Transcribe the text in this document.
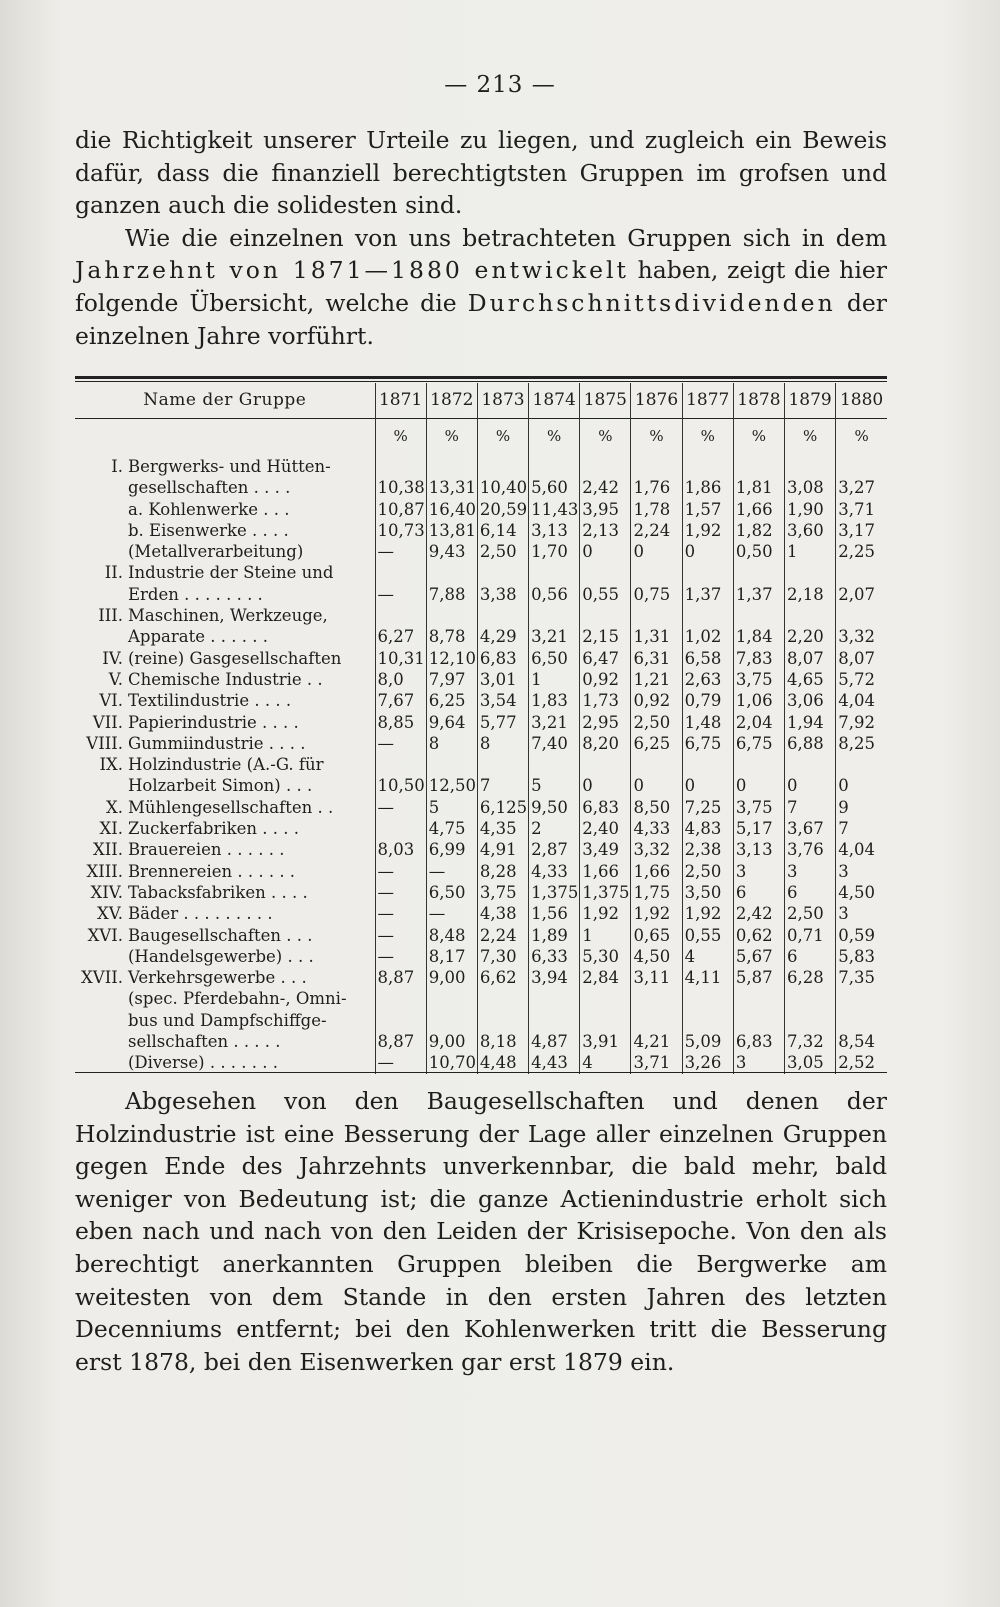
— 213 —

die Richtigkeit unserer Urteile zu liegen, und zugleich ein Beweis dafür, dass die finanziell berechtigtsten Gruppen im grofsen und ganzen auch die solidesten sind.

Wie die einzelnen von uns betrachteten Gruppen sich in dem Jahrzehnt von 1871—1880 entwickelt haben, zeigt die hier folgende Übersicht, welche die Durchschnittsdividenden der einzelnen Jahre vorführt.

Name der Gruppe	1871	1872	1873	1874	1875	1876	1877	1878	1879	1880
	%	%	%	%	%	%	%	%	%	%
I. Bergwerks- und Hütten-										
gesellschaften . . . .	10,38	13,31	10,40	5,60	2,42	1,76	1,86	1,81	3,08	3,27
a. Kohlenwerke . . .	10,87	16,40	20,59	11,43	3,95	1,78	1,57	1,66	1,90	3,71
b. Eisenwerke . . . .	10,73	13,81	6,14	3,13	2,13	2,24	1,92	1,82	3,60	3,17
(Metallverarbeitung)	—	9,43	2,50	1,70	0	0	0	0,50	1	2,25
II. Industrie der Steine und										
Erden . . . . . . . .	—	7,88	3,38	0,56	0,55	0,75	1,37	1,37	2,18	2,07
III. Maschinen, Werkzeuge,										
Apparate . . . . . .	6,27	8,78	4,29	3,21	2,15	1,31	1,02	1,84	2,20	3,32
IV. (reine) Gasgesellschaften	10,31	12,10	6,83	6,50	6,47	6,31	6,58	7,83	8,07	8,07
V. Chemische Industrie . .	8,0	7,97	3,01	1	0,92	1,21	2,63	3,75	4,65	5,72
VI. Textilindustrie . . . .	7,67	6,25	3,54	1,83	1,73	0,92	0,79	1,06	3,06	4,04
VII. Papierindustrie . . . .	8,85	9,64	5,77	3,21	2,95	2,50	1,48	2,04	1,94	7,92
VIII. Gummiindustrie . . . .	—	8	8	7,40	8,20	6,25	6,75	6,75	6,88	8,25
IX. Holzindustrie (A.-G. für										
Holzarbeit Simon) . . .	10,50	12,50	7	5	0	0	0	0	0	0
X. Mühlengesellschaften . .	—	5	6,125	9,50	6,83	8,50	7,25	3,75	7	9
XI. Zuckerfabriken . . . .		4,75	4,35	2	2,40	4,33	4,83	5,17	3,67	7
XII. Brauereien . . . . . .	8,03	6,99	4,91	2,87	3,49	3,32	2,38	3,13	3,76	4,04
XIII. Brennereien . . . . . .	—	—	8,28	4,33	1,66	1,66	2,50	3	3	3
XIV. Tabacksfabriken . . . .	—	6,50	3,75	1,375	1,375	1,75	3,50	6	6	4,50
XV. Bäder . . . . . . . . .	—	—	4,38	1,56	1,92	1,92	1,92	2,42	2,50	3
XVI. Baugesellschaften . . .	—	8,48	2,24	1,89	1	0,65	0,55	0,62	0,71	0,59
(Handelsgewerbe) . . .	—	8,17	7,30	6,33	5,30	4,50	4	5,67	6	5,83
XVII. Verkehrsgewerbe . . .	8,87	9,00	6,62	3,94	2,84	3,11	4,11	5,87	6,28	7,35
(spec. Pferdebahn-, Omni-										
bus und Dampfschiffge-										
sellschaften . . . . .	8,87	9,00	8,18	4,87	3,91	4,21	5,09	6,83	7,32	8,54
(Diverse) . . . . . . .	—	10,70	4,48	4,43	4	3,71	3,26	3	3,05	2,52

Abgesehen von den Baugesellschaften und denen der Holzindustrie ist eine Besserung der Lage aller einzelnen Gruppen gegen Ende des Jahrzehnts unverkennbar, die bald mehr, bald weniger von Bedeutung ist; die ganze Actienindustrie erholt sich eben nach und nach von den Leiden der Krisisepoche. Von den als berechtigt anerkannten Gruppen bleiben die Bergwerke am weitesten von dem Stande in den ersten Jahren des letzten Decenniums entfernt; bei den Kohlenwerken tritt die Besserung erst 1878, bei den Eisenwerken gar erst 1879 ein.
